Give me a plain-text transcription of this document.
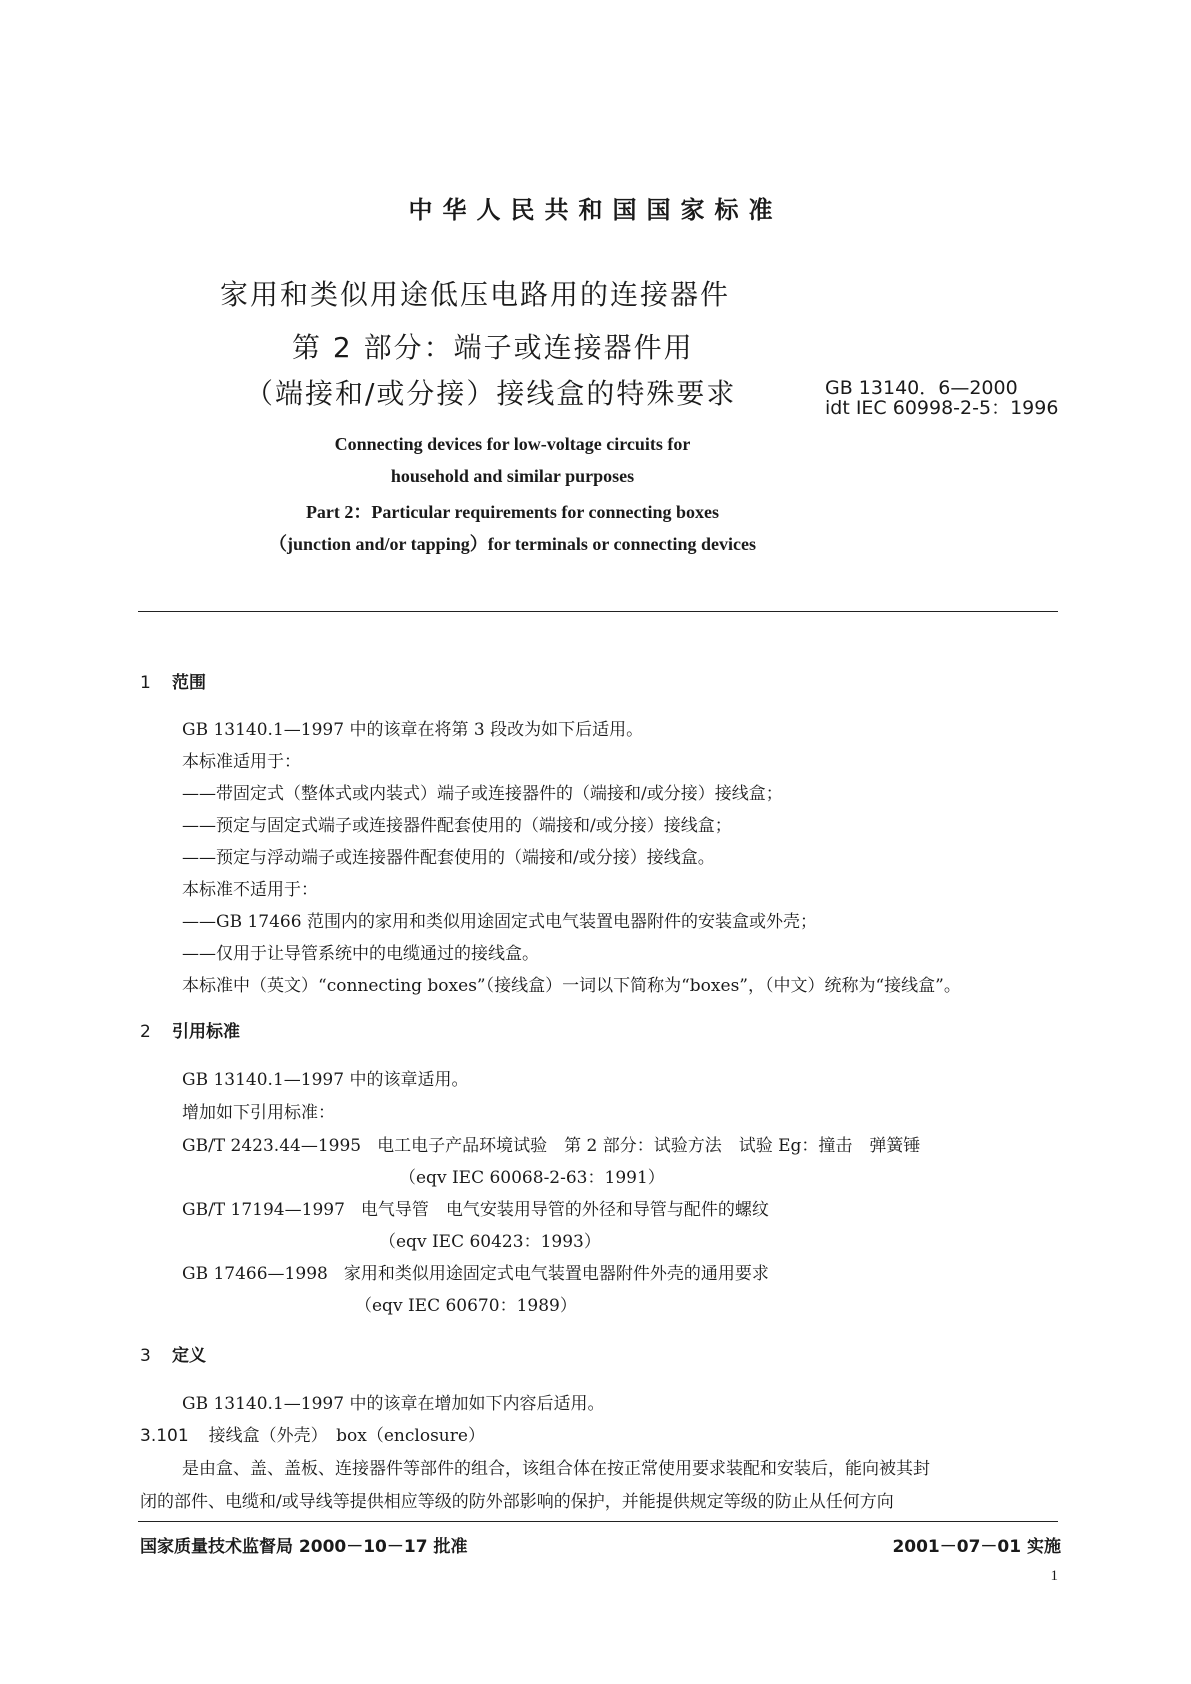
中华人民共和国国家标准
家用和类似用途低压电路用的连接器件
第 2 部分：端子或连接器件用
（端接和/或分接）接线盒的特殊要求	GB 13140．6—2000
idt IEC 60998-2-5：1996
Connecting devices for low-voltage circuits for
household and similar purposes
Part 2：Particular requirements for connecting boxes
（junction and/or tapping）for terminals or connecting devices
1 范围
GB 13140.1—1997 中的该章在将第 3 段改为如下后适用。
本标准适用于：
——带固定式（整体式或内装式）端子或连接器件的（端接和/或分接）接线盒；
——预定与固定式端子或连接器件配套使用的（端接和/或分接）接线盒；
——预定与浮动端子或连接器件配套使用的（端接和/或分接）接线盒。
本标准不适用于：
——GB 17466 范围内的家用和类似用途固定式电气装置电器附件的安装盒或外壳；
——仅用于让导管系统中的电缆通过的接线盒。
本标准中（英文）“connecting boxes”（接线盒）一词以下简称为“boxes”，（中文）统称为“接线盒”。
2 引用标准
GB 13140.1—1997 中的该章适用。
增加如下引用标准：
GB/T 2423.44—1995 电工电子产品环境试验　第 2 部分：试验方法　试验 Eg：撞击　弹簧锤
（eqv IEC 60068-2-63：1991）
GB/T 17194—1997 电气导管　电气安装用导管的外径和导管与配件的螺纹
（eqv IEC 60423：1993）
GB 17466—1998 家用和类似用途固定式电气装置电器附件外壳的通用要求
（eqv IEC 60670：1989）
3 定义
GB 13140.1—1997 中的该章在增加如下内容后适用。
3.101 接线盒（外壳）　box（enclosure）
是由盒、盖、盖板、连接器件等部件的组合，该组合体在按正常使用要求装配和安装后，能向被其封
闭的部件、电缆和/或导线等提供相应等级的防外部影响的保护，并能提供规定等级的防止从任何方向
国家质量技术监督局 2000－10－17 批准	2001－07－01 实施
1
